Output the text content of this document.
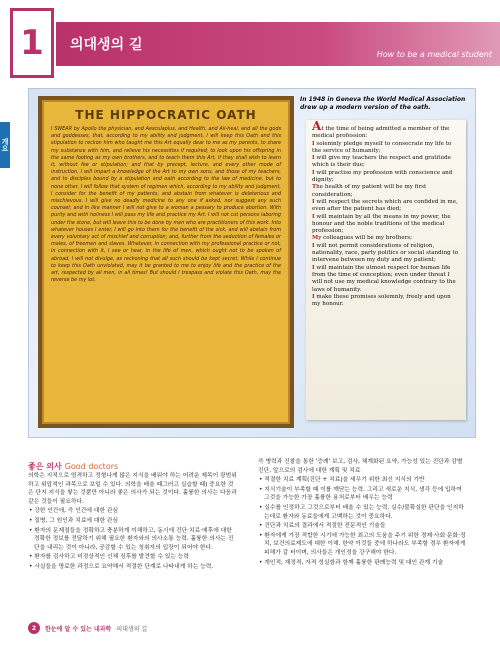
1 의대생의 길
How to be a medical student
개요

THE HIPPOCRATIC OATH

I SWEAR by Apollo the physician, and Aesculapius, and Health, and All-heal, and all the gods and goddesses, that, according to my ability and judgment, I will keep this Oath and this stipulation to reckon him who taught me this Art equally dear to me as my parents, to share my substance with him, and relieve his necessities if required; to look upon his offspring in the same footing as my own brothers, and to teach them this Art, if they shall wish to learn it, without fee or stipulation; and that by precept, lecture, and every other mode of instruction, I will impart a knowledge of the Art to my own sons, and those of my teachers, and to disciples bound by a stipulation and oath according to the law of medicine, but to none other. I will follow that system of regimen which, according to my ability and judgment, I consider for the benefit of my patients, and abstain from whatever is deleterious and mischievous. I will give no deadly medicine to any one if asked, nor suggest any such counsel; and in like manner I will not give to a woman a pessary to produce abortion. With purity and with holiness I will pass my life and practice my Art. I will not cut persons laboring under the stone, but will leave this to be done by men who are practitioners of this work. Into whatever houses I enter, I will go into them for the benefit of the sick, and will abstain from every voluntary act of mischief and corruption; and, further from the seduction of females or males, of freemen and slaves. Whatever, in connection with my professional practice or not, in connection with it, I see or hear, in the life of men, which ought not to be spoken of abroad, I will not divulge, as reckoning that all such should be kept secret. While I continue to keep this Oath unviolated, may it be granted to me to enjoy life and the practice of the art, respected by all men, in all times! But should I trespass and violate this Oath, may the reverse be my lot.

In 1948 in Geneva the World Medical Association drew up a modern version of the oath.

At the time of being admitted a member of the medical profession:

I solemnly pledge myself to consecrate my life to the service of humanity;

I will give my teachers the respect and gratitude which is their due;

I will practise my profession with conscience and dignity;

The health of my patient will be my first consideration;

I will respect the secrets which are confided in me, even after the patient has died;

I will maintain by all the means in my power, the honour and the noble traditions of the medical profession;

My colleagues will be my brothers;

I will not permit considerations of religion, nationality, race, party politics or social standing to intervene between my duty and my patient;

I will maintain the utmost respect for human life from the time of conception; even under threat I will not use my medical knowledge contrary to the laws of humanity.

I make these promises solemnly, freely and upon my honour.

좋은 의사 Good doctors

의학은 지적으로 엄격하고 정형나게 많은 지식을 배워야 하는 어려운 제목이 광범위하고 위압적인 과목으로 보일 수 있다. 의학을 배울 때그러고 실습할 때) 중요한 것은 단지 지식을 쌓는 것뿐만 아니라 좋은 의사가 되는 것이다. 훌륭한 의사는 다음과 같은 것들이 필요하다.

• 강한 인간애, 즉 인간에 대한 관심

• 질병, 그 원인과 치료에 대한 관심

• 환자의 문제점들을 정확하고 충분하게 이해하고, 동시에 진단·치료·예후에 대한 정확한 정보를 전달하기 위해 필요한 환자와의 의사소통 능력. 훌륭한 의사는 진단을 내리는 것이 아니라, 공감할 수 있는 청취자의 입장이 되어야 한다.

• 환자를 검사하고 비정상적인 신체 징후를 발견할 수 있는 능력

• 사실들을 명료한 과정으로 요약해서 적절한 단계로 나타내게 하는 능력.

즉 병력과 진찰을 통한 '증례' 보고, 검사, 체계화된 요약, 가능성 있는 진단과 감별 진단, 앞으로의 검사에 대한 계획 및 치료

• 적절한 치료 계획(진단 + 치료)을 세우기 위한 최신 지식의 기반

• 지식기술이 부족할 때 이를 깨닫는 능력. 그리고 새로운 지식, 생각 등에 입하여 그것을 가능한 가장 훌륭한 용처로부터 배우는 능력

• 실수를 인정하고 그것으로부터 배울 수 있는 능력. 실수/불확실한 판단을 인지하는데로 환자와 동료들에게 고백하는 것이 중요하다.

• 진단과 치료의 결과에서 적절한 전문적인 기술들

• 환자에게 가장 적합한 시기에 가능한 최고의 도움을 주기 위한 경제·사회·문화·정치, 보건의료제도에 대한 이해. 한약 이것들 중에 하나라도 부족할 경우 환자에게 피해가 갈 터이며, 의사들은 개인정을 강구해야 한다.

• 개인적, 재정적, 자적 성실함과 함께 훌륭한 판례능력 및 대인 관계 기술

2	한눈에 알 수 있는 내과학 의대생의 길
